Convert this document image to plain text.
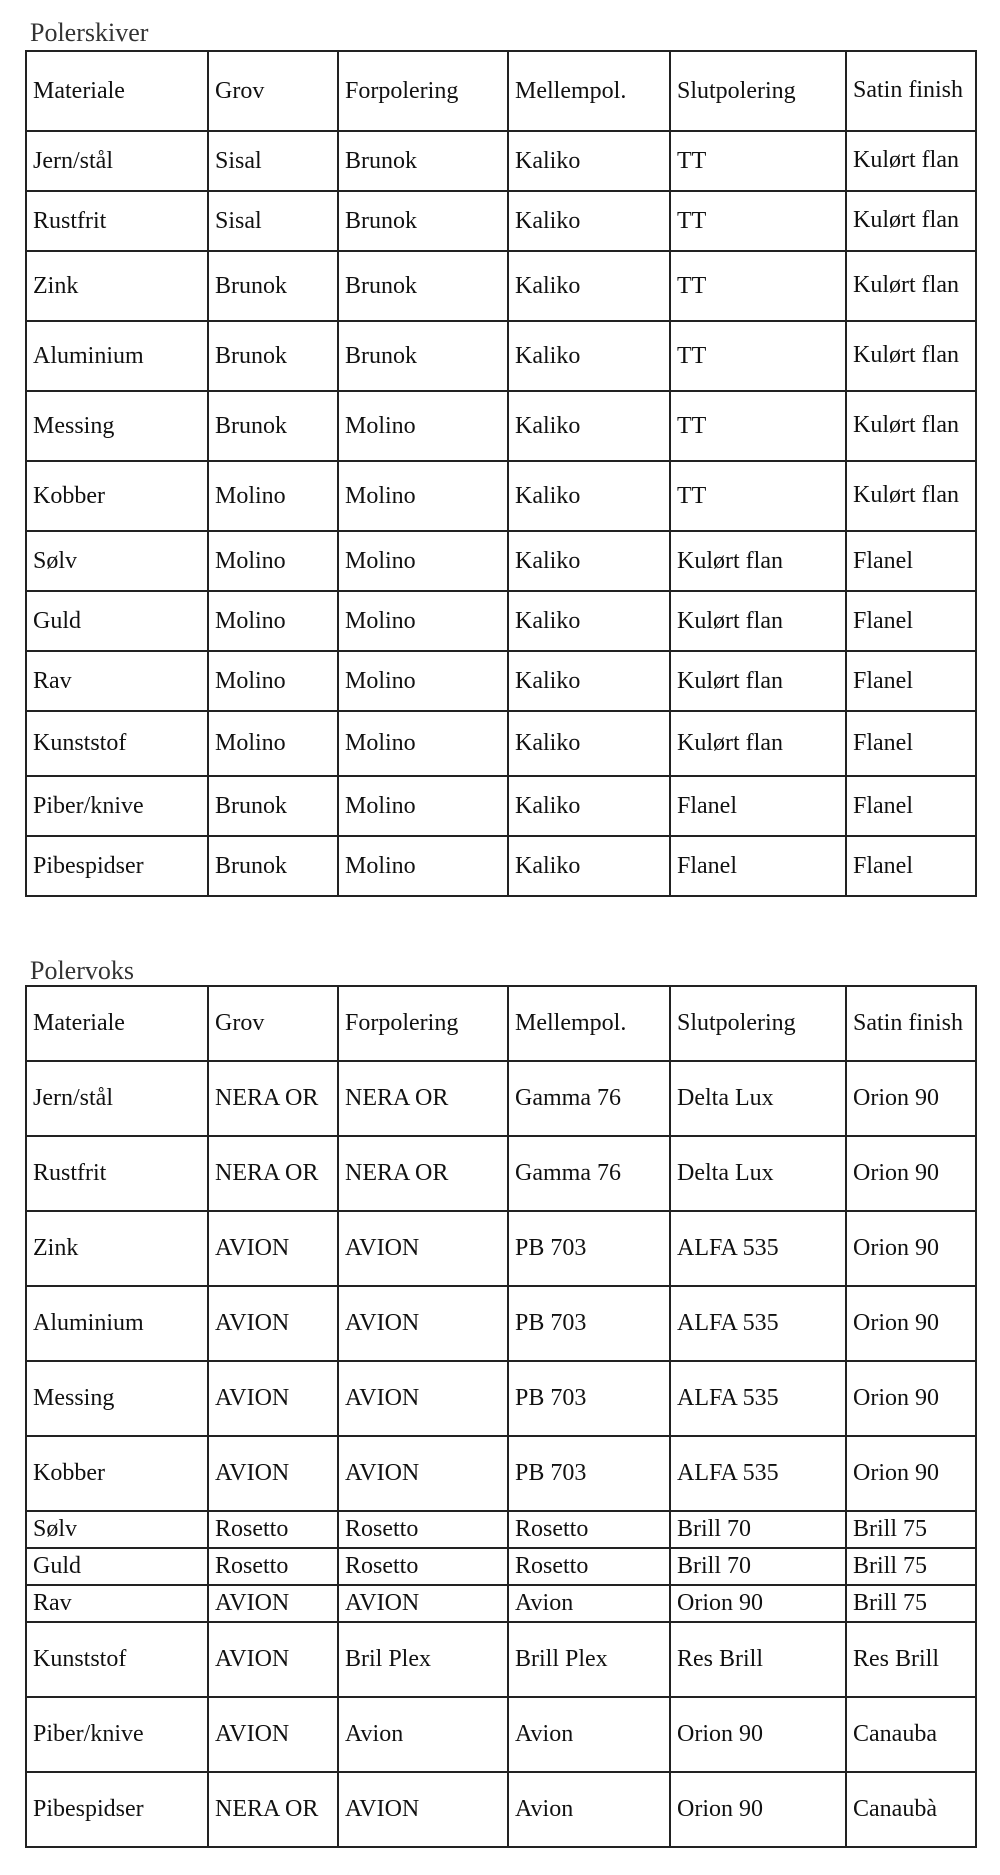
Polerskiver
Materiale	Grov	Forpolering	Mellempol.	Slutpolering	Satin finish
Jern/stål	Sisal	Brunok	Kaliko	TT	Kulørt flan
Rustfrit	Sisal	Brunok	Kaliko	TT	Kulørt flan
Zink	Brunok	Brunok	Kaliko	TT	Kulørt flan
Aluminium	Brunok	Brunok	Kaliko	TT	Kulørt flan
Messing	Brunok	Molino	Kaliko	TT	Kulørt flan
Kobber	Molino	Molino	Kaliko	TT	Kulørt flan
Sølv	Molino	Molino	Kaliko	Kulørt flan	Flanel
Guld	Molino	Molino	Kaliko	Kulørt flan	Flanel
Rav	Molino	Molino	Kaliko	Kulørt flan	Flanel
Kunststof	Molino	Molino	Kaliko	Kulørt flan	Flanel
Piber/knive	Brunok	Molino	Kaliko	Flanel	Flanel
Pibespidser	Brunok	Molino	Kaliko	Flanel	Flanel
Polervoks
Materiale	Grov	Forpolering	Mellempol.	Slutpolering	Satin finish
Jern/stål	NERA OR	NERA OR	Gamma 76	Delta Lux	Orion 90
Rustfrit	NERA OR	NERA OR	Gamma 76	Delta Lux	Orion 90
Zink	AVION	AVION	PB 703	ALFA 535	Orion 90
Aluminium	AVION	AVION	PB 703	ALFA 535	Orion 90
Messing	AVION	AVION	PB 703	ALFA 535	Orion 90
Kobber	AVION	AVION	PB 703	ALFA 535	Orion 90
Sølv	Rosetto	Rosetto	Rosetto	Brill 70	Brill 75
Guld	Rosetto	Rosetto	Rosetto	Brill 70	Brill 75
Rav	AVION	AVION	Avion	Orion 90	Brill 75
Kunststof	AVION	Bril Plex	Brill Plex	Res Brill	Res Brill
Piber/knive	AVION	Avion	Avion	Orion 90	Canauba
Pibespidser	NERA OR	AVION	Avion	Orion 90	Canaubà
